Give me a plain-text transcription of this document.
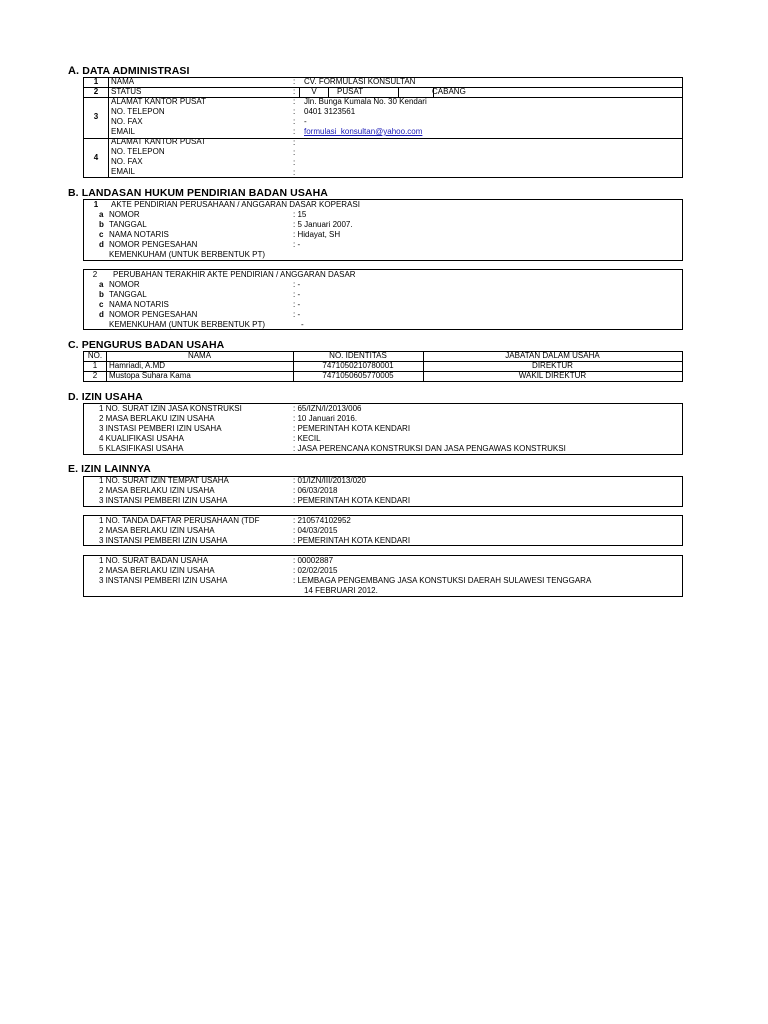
A. DATA ADMINISTRASI
1	NAMA	: CV. FORMULASI KONSULTAN
2	STATUS	:	V	PUSAT	CABANG
3
ALAMAT KANTOR PUSAT	: Jln. Bunga Kumala No. 30 Kendari
NO. TELEPON	: 0401 3123561
NO. FAX	: -
EMAIL	: formulasi_konsultan@yahoo.com
4
ALAMAT KANTOR PUSAT	:
NO. TELEPON	:
NO. FAX	:
EMAIL	:
B. LANDASAN HUKUM PENDIRIAN BADAN USAHA
1	AKTE PENDIRIAN PERUSAHAAN / ANGGARAN DASAR KOPERASI
a NOMOR	: 15
b TANGGAL	: 5 Januari 2007.
c NAMA NOTARIS	: Hidayat, SH
d NOMOR PENGESAHAN	: -
KEMENKUHAM (UNTUK BERBENTUK PT)
2	PERUBAHAN TERAKHIR AKTE PENDIRIAN / ANGGARAN DASAR
a NOMOR	: -
b TANGGAL	: -
c NAMA NOTARIS	: -
d NOMOR PENGESAHAN	: -
KEMENKUHAM (UNTUK BERBENTUK PT)	-
C. PENGURUS BADAN USAHA
NO.	NAMA	NO. IDENTITAS	JABATAN DALAM USAHA
1	Hamriadi, A.MD	7471050210780001	DIREKTUR
2	Mustopa Suhara Kama	7471050605770005	WAKIL DIREKTUR
D. IZIN USAHA
1 NO. SURAT IZIN JASA KONSTRUKSI	: 65/IZN/I/2013/006
2 MASA BERLAKU IZIN USAHA	: 10 Januari 2016.
3 INSTASI PEMBERI IZIN USAHA	: PEMERINTAH KOTA KENDARI
4 KUALIFIKASI USAHA	: KECIL
5 KLASIFIKASI USAHA	: JASA PERENCANA KONSTRUKSI DAN JASA PENGAWAS KONSTRUKSI
E. IZIN LAINNYA
1 NO. SURAT IZIN TEMPAT USAHA	: 01/IZN/III/2013/020
2 MASA BERLAKU IZIN USAHA	: 06/03/2018
3 INSTANSI PEMBERI IZIN USAHA	: PEMERINTAH KOTA KENDARI
1 NO. TANDA DAFTAR PERUSAHAAN (TDF	: 210574102952
2 MASA BERLAKU IZIN USAHA	: 04/03/2015
3 INSTANSI PEMBERI IZIN USAHA	: PEMERINTAH KOTA KENDARI
1 NO. SURAT BADAN USAHA	: 00002887
2 MASA BERLAKU IZIN USAHA	: 02/02/2015
3 INSTANSI PEMBERI IZIN USAHA	: LEMBAGA PENGEMBANG JASA KONSTUKSI DAERAH SULAWESI TENGGARA
14 FEBRUARI 2012.
